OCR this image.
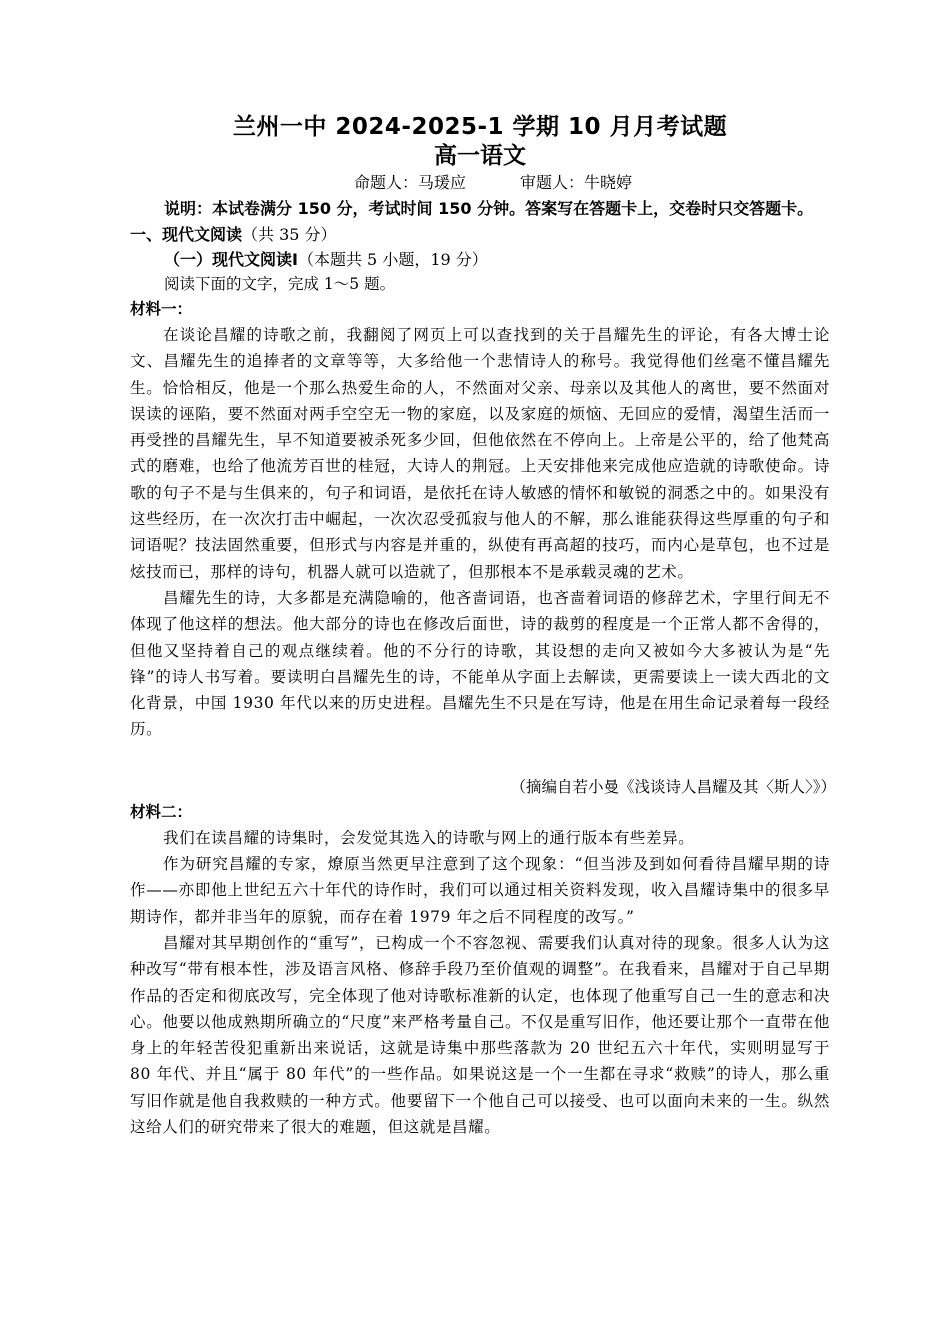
兰州一中 2024-2025-1 学期 10 月月考试题
高一语文

命题人：马瑗应	审题人：牛晓婷

说明：本试卷满分 150 分，考试时间 150 分钟。答案写在答题卡上，交卷时只交答题卡。

一、现代文阅读（共 35 分）

（一）现代文阅读Ⅰ（本题共 5 小题，19 分）

阅读下面的文字，完成 1～5 题。

材料一：

在谈论昌耀的诗歌之前，我翻阅了网页上可以查找到的关于昌耀先生的评论，有各大博士论文、昌耀先生的追捧者的文章等等，大多给他一个悲情诗人的称号。我觉得他们丝毫不懂昌耀先生。恰恰相反，他是一个那么热爱生命的人，不然面对父亲、母亲以及其他人的离世，要不然面对误读的诬陷，要不然面对两手空空无一物的家庭，以及家庭的烦恼、无回应的爱情，渴望生活而一再受挫的昌耀先生，早不知道要被杀死多少回，但他依然在不停向上。上帝是公平的，给了他梵高式的磨难，也给了他流芳百世的桂冠，大诗人的荆冠。上天安排他来完成他应造就的诗歌使命。诗歌的句子不是与生俱来的，句子和词语，是依托在诗人敏感的情怀和敏锐的洞悉之中的。如果没有这些经历，在一次次打击中崛起，一次次忍受孤寂与他人的不解，那么谁能获得这些厚重的句子和词语呢？技法固然重要，但形式与内容是并重的，纵使有再高超的技巧，而内心是草包，也不过是炫技而已，那样的诗句，机器人就可以造就了，但那根本不是承载灵魂的艺术。

昌耀先生的诗，大多都是充满隐喻的，他吝啬词语，也吝啬着词语的修辞艺术，字里行间无不体现了他这样的想法。他大部分的诗也在修改后面世，诗的裁剪的程度是一个正常人都不舍得的，但他又坚持着自己的观点继续着。他的不分行的诗歌，其设想的走向又被如今大多被认为是“先锋”的诗人书写着。要读明白昌耀先生的诗，不能单从字面上去解读，更需要读上一读大西北的文化背景，中国 1930 年代以来的历史进程。昌耀先生不只是在写诗，他是在用生命记录着每一段经历。

（摘编自若小曼《浅谈诗人昌耀及其〈斯人〉》）

材料二：

我们在读昌耀的诗集时，会发觉其选入的诗歌与网上的通行版本有些差异。

作为研究昌耀的专家，燎原当然更早注意到了这个现象：“但当涉及到如何看待昌耀早期的诗作——亦即他上世纪五六十年代的诗作时，我们可以通过相关资料发现，收入昌耀诗集中的很多早期诗作，都并非当年的原貌，而存在着 1979 年之后不同程度的改写。”

昌耀对其早期创作的“重写”，已构成一个不容忽视、需要我们认真对待的现象。很多人认为这种改写“带有根本性，涉及语言风格、修辞手段乃至价值观的调整”。在我看来，昌耀对于自己早期作品的否定和彻底改写，完全体现了他对诗歌标准新的认定，也体现了他重写自己一生的意志和决心。他要以他成熟期所确立的“尺度”来严格考量自己。不仅是重写旧作，他还要让那个一直带在他身上的年轻苦役犯重新出来说话，这就是诗集中那些落款为 20 世纪五六十年代，实则明显写于 80 年代、并且“属于 80 年代”的一些作品。如果说这是一个一生都在寻求“救赎”的诗人，那么重写旧作就是他自我救赎的一种方式。他要留下一个他自己可以接受、也可以面向未来的一生。纵然这给人们的研究带来了很大的难题，但这就是昌耀。
